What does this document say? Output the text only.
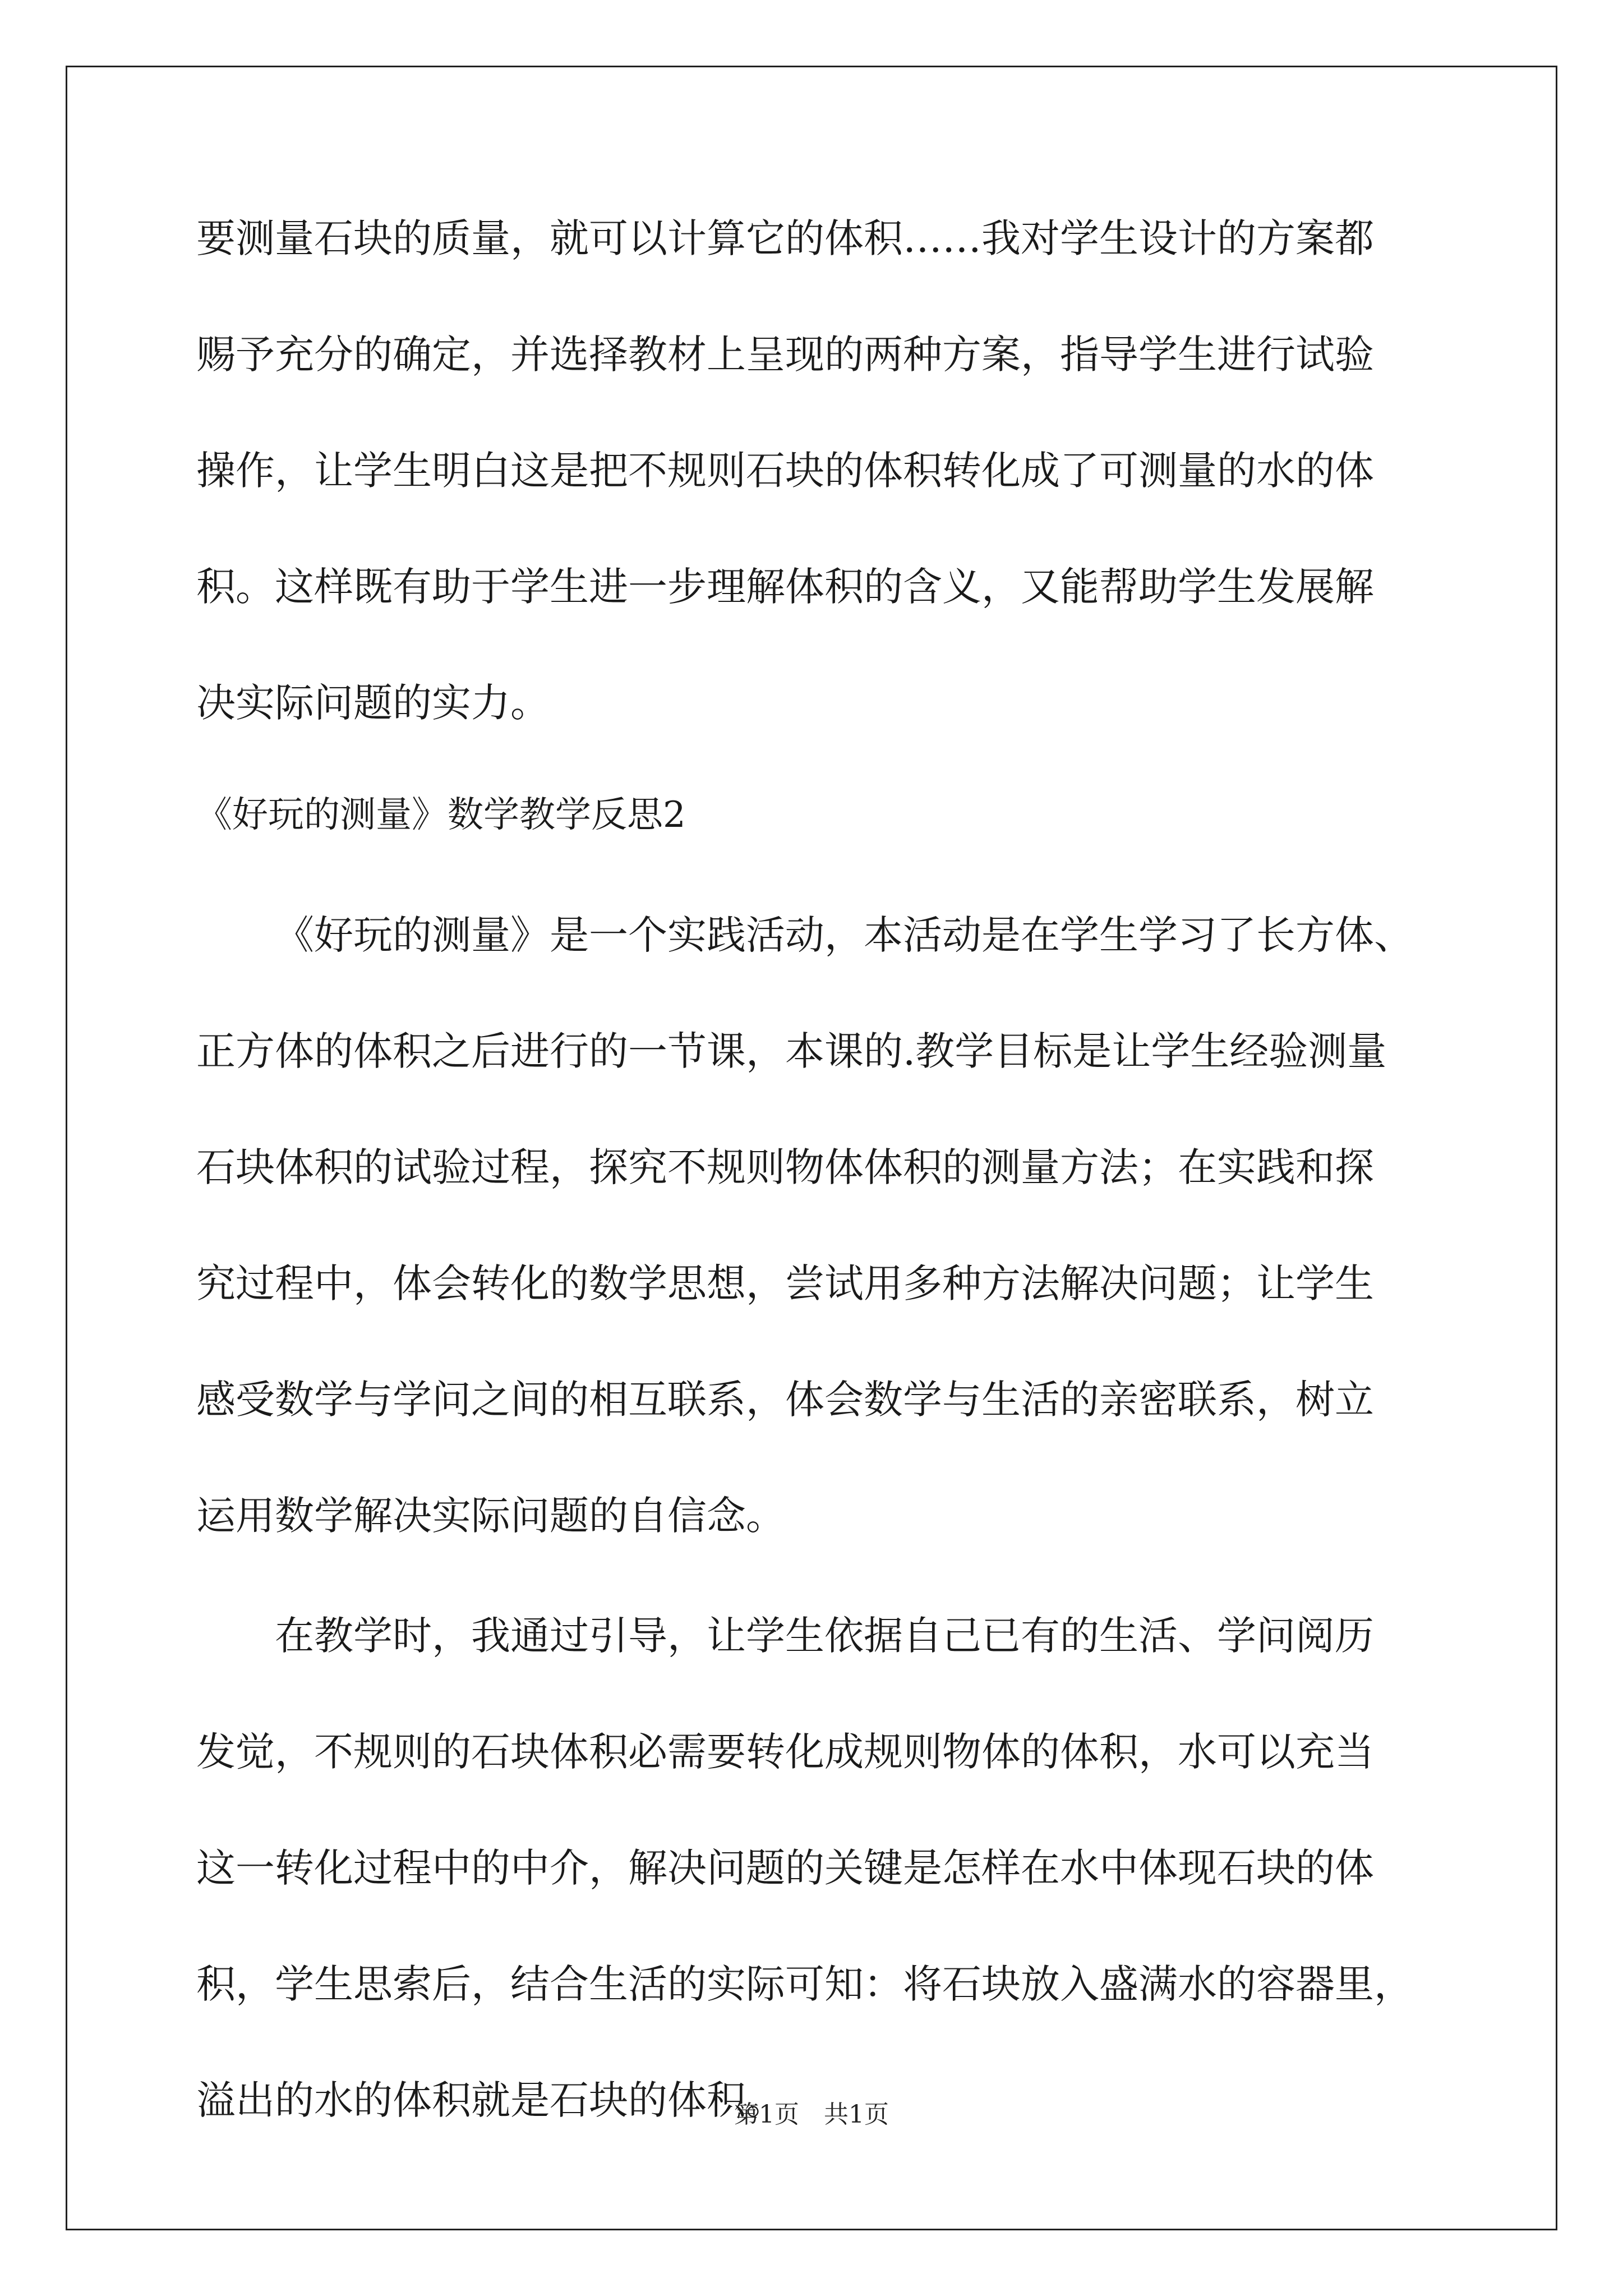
要测量石块的质量，就可以计算它的体积……我对学生设计的方案都
赐予充分的确定，并选择教材上呈现的两种方案，指导学生进行试验
操作，让学生明白这是把不规则石块的体积转化成了可测量的水的体
积。这样既有助于学生进一步理解体积的含义，又能帮助学生发展解
决实际问题的实力。
《好玩的测量》数学教学反思2
《好玩的测量》是一个实践活动，本活动是在学生学习了长方体、
正方体的体积之后进行的一节课，本课的.教学目标是让学生经验测量
石块体积的试验过程，探究不规则物体体积的测量方法；在实践和探
究过程中，体会转化的数学思想，尝试用多种方法解决问题；让学生
感受数学与学问之间的相互联系，体会数学与生活的亲密联系，树立
运用数学解决实际问题的自信念。
在教学时，我通过引导，让学生依据自己已有的生活、学问阅历
发觉，不规则的石块体积必需要转化成规则物体的体积，水可以充当
这一转化过程中的中介，解决问题的关键是怎样在水中体现石块的体
积，学生思索后，结合生活的实际可知：将石块放入盛满水的容器里，
溢出的水的体积就是石块的体积。
第1页　共1页
